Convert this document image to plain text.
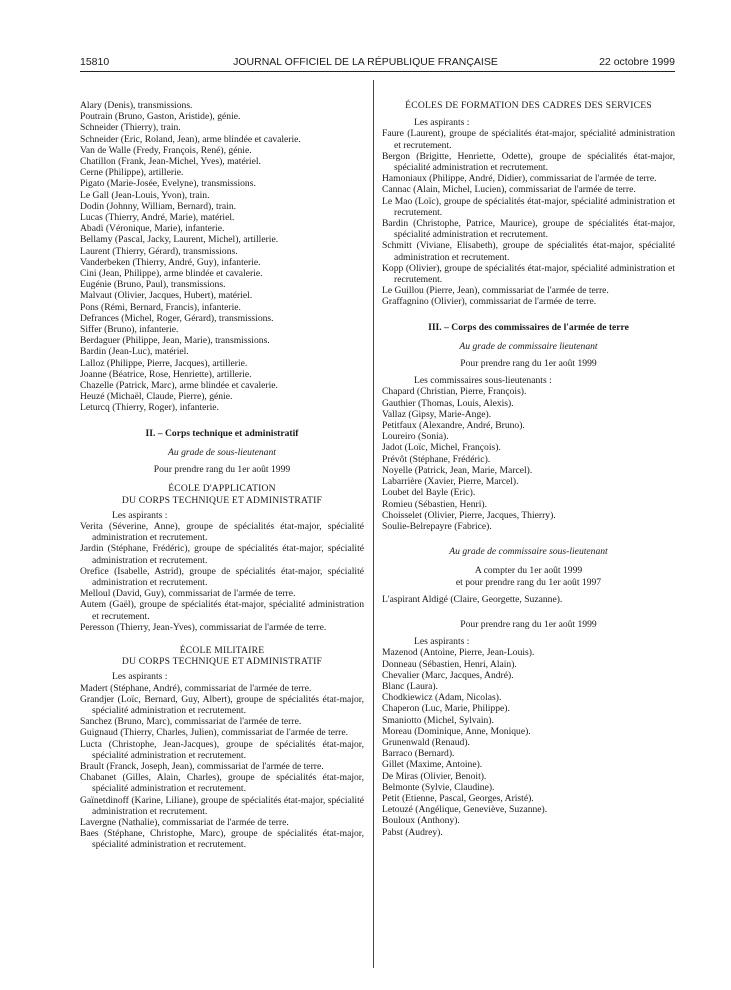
15810	JOURNAL OFFICIEL DE LA RÉPUBLIQUE FRANÇAISE	22 octobre 1999

Alary (Denis), transmissions.

Poutrain (Bruno, Gaston, Aristide), génie.

Schneider (Thierry), train.

Schneider (Eric, Roland, Jean), arme blindée et cavalerie.

Van de Walle (Fredy, François, René), génie.

Chatillon (Frank, Jean-Michel, Yves), matériel.

Cerne (Philippe), artillerie.

Pigato (Marie-Josée, Evelyne), transmissions.

Le Gall (Jean-Louis, Yvon), train.

Dodin (Johnny, William, Bernard), train.

Lucas (Thierry, André, Marie), matériel.

Abadi (Véronique, Marie), infanterie.

Bellamy (Pascal, Jacky, Laurent, Michel), artillerie.

Laurent (Thierry, Gérard), transmissions.

Vanderbeken (Thierry, André, Guy), infanterie.

Cini (Jean, Philippe), arme blindée et cavalerie.

Eugénie (Bruno, Paul), transmissions.

Malvaut (Olivier, Jacques, Hubert), matériel.

Pons (Rémi, Bernard, Francis), infanterie.

Defrances (Michel, Roger, Gérard), transmissions.

Siffer (Bruno), infanterie.

Berdaguer (Philippe, Jean, Marie), transmissions.

Bardin (Jean-Luc), matériel.

Lalloz (Philippe, Pierre, Jacques), artillerie.

Joanne (Béatrice, Rose, Henriette), artillerie.

Chazelle (Patrick, Marc), arme blindée et cavalerie.

Heuzé (Michaël, Claude, Pierre), génie.

Leturcq (Thierry, Roger), infanterie.

II. – Corps technique et administratif

Au grade de sous-lieutenant

Pour prendre rang du 1er août 1999

ÉCOLE D'APPLICATION

DU CORPS TECHNIQUE ET ADMINISTRATIF

Les aspirants :

Verita (Séverine, Anne), groupe de spécialités état-major, spécialité administration et recrutement.

Jardin (Stéphane, Frédéric), groupe de spécialités état-major, spécialité administration et recrutement.

Orefice (Isabelle, Astrid), groupe de spécialités état-major, spécialité administration et recrutement.

Melloul (David, Guy), commissariat de l'armée de terre.

Autem (Gaël), groupe de spécialités état-major, spécialité administration et recrutement.

Peresson (Thierry, Jean-Yves), commissariat de l'armée de terre.

ÉCOLE MILITAIRE

DU CORPS TECHNIQUE ET ADMINISTRATIF

Les aspirants :

Madert (Stéphane, André), commissariat de l'armée de terre.

Grandjer (Loïc, Bernard, Guy, Albert), groupe de spécialités état-major, spécialité administration et recrutement.

Sanchez (Bruno, Marc), commissariat de l'armée de terre.

Guignaud (Thierry, Charles, Julien), commissariat de l'armée de terre.

Lucta (Christophe, Jean-Jacques), groupe de spécialités état-major, spécialité administration et recrutement.

Brault (Franck, Joseph, Jean), commissariat de l'armée de terre.

Chabanet (Gilles, Alain, Charles), groupe de spécialités état-major, spécialité administration et recrutement.

Gaïnetdinoff (Karine, Liliane), groupe de spécialités état-major, spécialité administration et recrutement.

Lavergne (Nathalie), commissariat de l'armée de terre.

Baes (Stéphane, Christophe, Marc), groupe de spécialités état-major, spécialité administration et recrutement.

ÉCOLES DE FORMATION DES CADRES DES SERVICES

Les aspirants :

Faure (Laurent), groupe de spécialités état-major, spécialité administration et recrutement.

Bergon (Brigitte, Henriette, Odette), groupe de spécialités état-major, spécialité administration et recrutement.

Hamoniaux (Philippe, André, Didier), commissariat de l'armée de terre.

Cannac (Alain, Michel, Lucien), commissariat de l'armée de terre.

Le Mao (Loïc), groupe de spécialités état-major, spécialité administration et recrutement.

Bardin (Christophe, Patrice, Maurice), groupe de spécialités état-major, spécialité administration et recrutement.

Schmitt (Viviane, Elisabeth), groupe de spécialités état-major, spécialité administration et recrutement.

Kopp (Olivier), groupe de spécialités état-major, spécialité administration et recrutement.

Le Guillou (Pierre, Jean), commissariat de l'armée de terre.

Graffagnino (Olivier), commissariat de l'armée de terre.

III. – Corps des commissaires de l'armée de terre

Au grade de commissaire lieutenant

Pour prendre rang du 1er août 1999

Les commissaires sous-lieutenants :

Chapard (Christian, Pierre, François).

Gauthier (Thomas, Louis, Alexis).

Vallaz (Gipsy, Marie-Ange).

Petitfaux (Alexandre, André, Bruno).

Loureiro (Sonia).

Jadot (Loïc, Michel, François).

Prévôt (Stéphane, Frédéric).

Noyelle (Patrick, Jean, Marie, Marcel).

Labarrière (Xavier, Pierre, Marcel).

Loubet del Bayle (Eric).

Romieu (Sébastien, Henri).

Choisselet (Olivier, Pierre, Jacques, Thierry).

Soulie-Belrepayre (Fabrice).

Au grade de commissaire sous-lieutenant

A compter du 1er août 1999

et pour prendre rang du 1er août 1997

L'aspirant Aldigé (Claire, Georgette, Suzanne).

Pour prendre rang du 1er août 1999

Les aspirants :

Mazenod (Antoine, Pierre, Jean-Louis).

Donneau (Sébastien, Henri, Alain).

Chevalier (Marc, Jacques, André).

Blanc (Laura).

Chodkiewicz (Adam, Nicolas).

Chaperon (Luc, Marie, Philippe).

Smaniotto (Michel, Sylvain).

Moreau (Dominique, Anne, Monique).

Grunenwald (Renaud).

Barraco (Bernard).

Gillet (Maxime, Antoine).

De Miras (Olivier, Benoit).

Belmonte (Sylvie, Claudine).

Petit (Etienne, Pascal, Georges, Aristé).

Letouzé (Angélique, Geneviève, Suzanne).

Bouloux (Anthony).

Pabst (Audrey).
